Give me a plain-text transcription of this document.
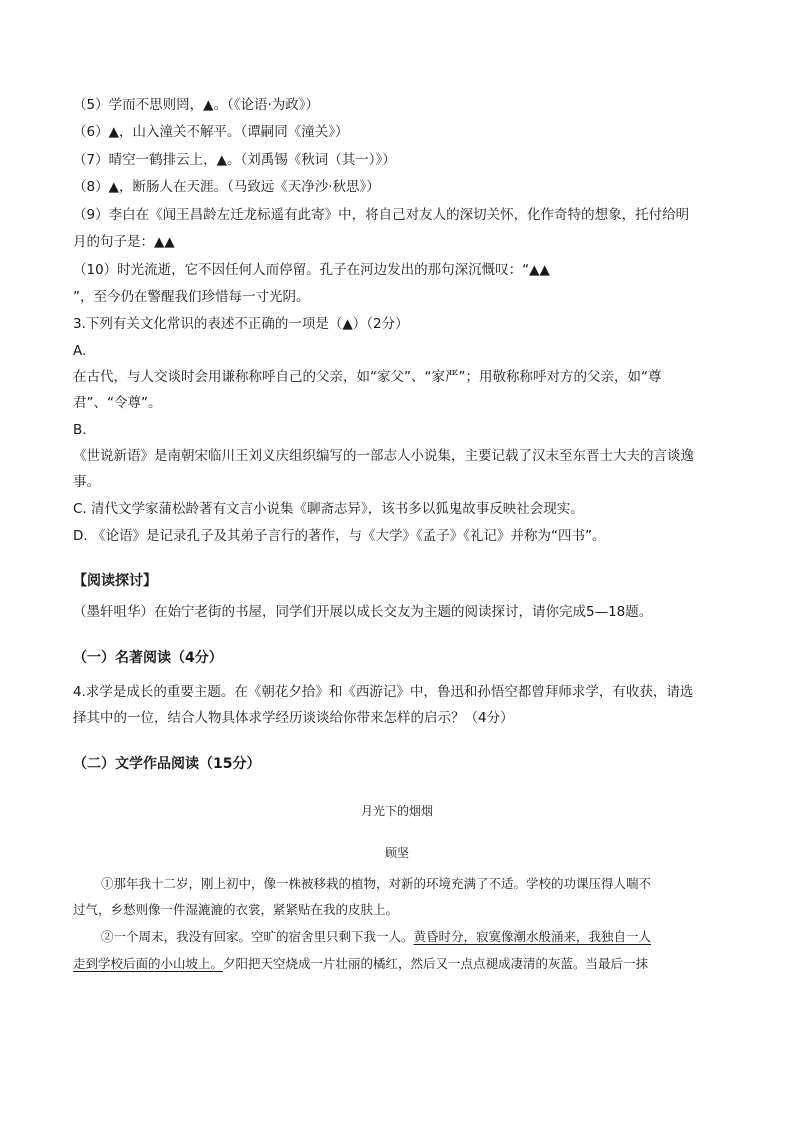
（5）学而不思则罔，▲。（《论语·为政》）
（6）▲，山入潼关不解平。（谭嗣同《潼关》）
（7）晴空一鹤排云上，▲。（刘禹锡《秋词（其一）》）
（8）▲，断肠人在天涯。（马致远《天净沙·秋思》）
（9）李白在《闻王昌龄左迁龙标遥有此寄》中，将自己对友人的深切关怀，化作奇特的想象，托付给明
月的句子是：▲▲
（10）时光流逝，它不因任何人而停留。孔子在河边发出的那句深沉慨叹：“▲▲
”，至今仍在警醒我们珍惜每一寸光阴。
3.下列有关文化常识的表述不正确的一项是（▲）（2分）
A.
在古代，与人交谈时会用谦称称呼自己的父亲，如“家父”、“家严”；用敬称称呼对方的父亲，如“尊
君”、“令尊”。
B.
《世说新语》是南朝宋临川王刘义庆组织编写的一部志人小说集，主要记载了汉末至东晋士大夫的言谈逸
事。
C. 清代文学家蒲松龄著有文言小说集《聊斋志异》，该书多以狐鬼故事反映社会现实。
D. 《论语》是记录孔子及其弟子言行的著作，与《大学》《孟子》《礼记》并称为“四书”。
【阅读探讨】
（墨轩咀华）在始宁老街的书屋，同学们开展以成长交友为主题的阅读探讨，请你完成5—18题。
（一）名著阅读（4分）
4.求学是成长的重要主题。在《朝花夕拾》和《西游记》中，鲁迅和孙悟空都曾拜师求学，有收获，请选
择其中的一位，结合人物具体求学经历谈谈给你带来怎样的启示？（4分）
（二）文学作品阅读（15分）
月光下的烟烟
顾坚
①那年我十二岁，刚上初中，像一株被移栽的植物，对新的环境充满了不适。学校的功课压得人喘不
过气，乡愁则像一件湿漉漉的衣裳，紧紧贴在我的皮肤上。
②一个周末，我没有回家。空旷的宿舍里只剩下我一人。黄昏时分，寂寞像潮水般涌来，我独自一人
走到学校后面的小山坡上。夕阳把天空烧成一片壮丽的橘红，然后又一点点褪成凄清的灰蓝。当最后一抹
